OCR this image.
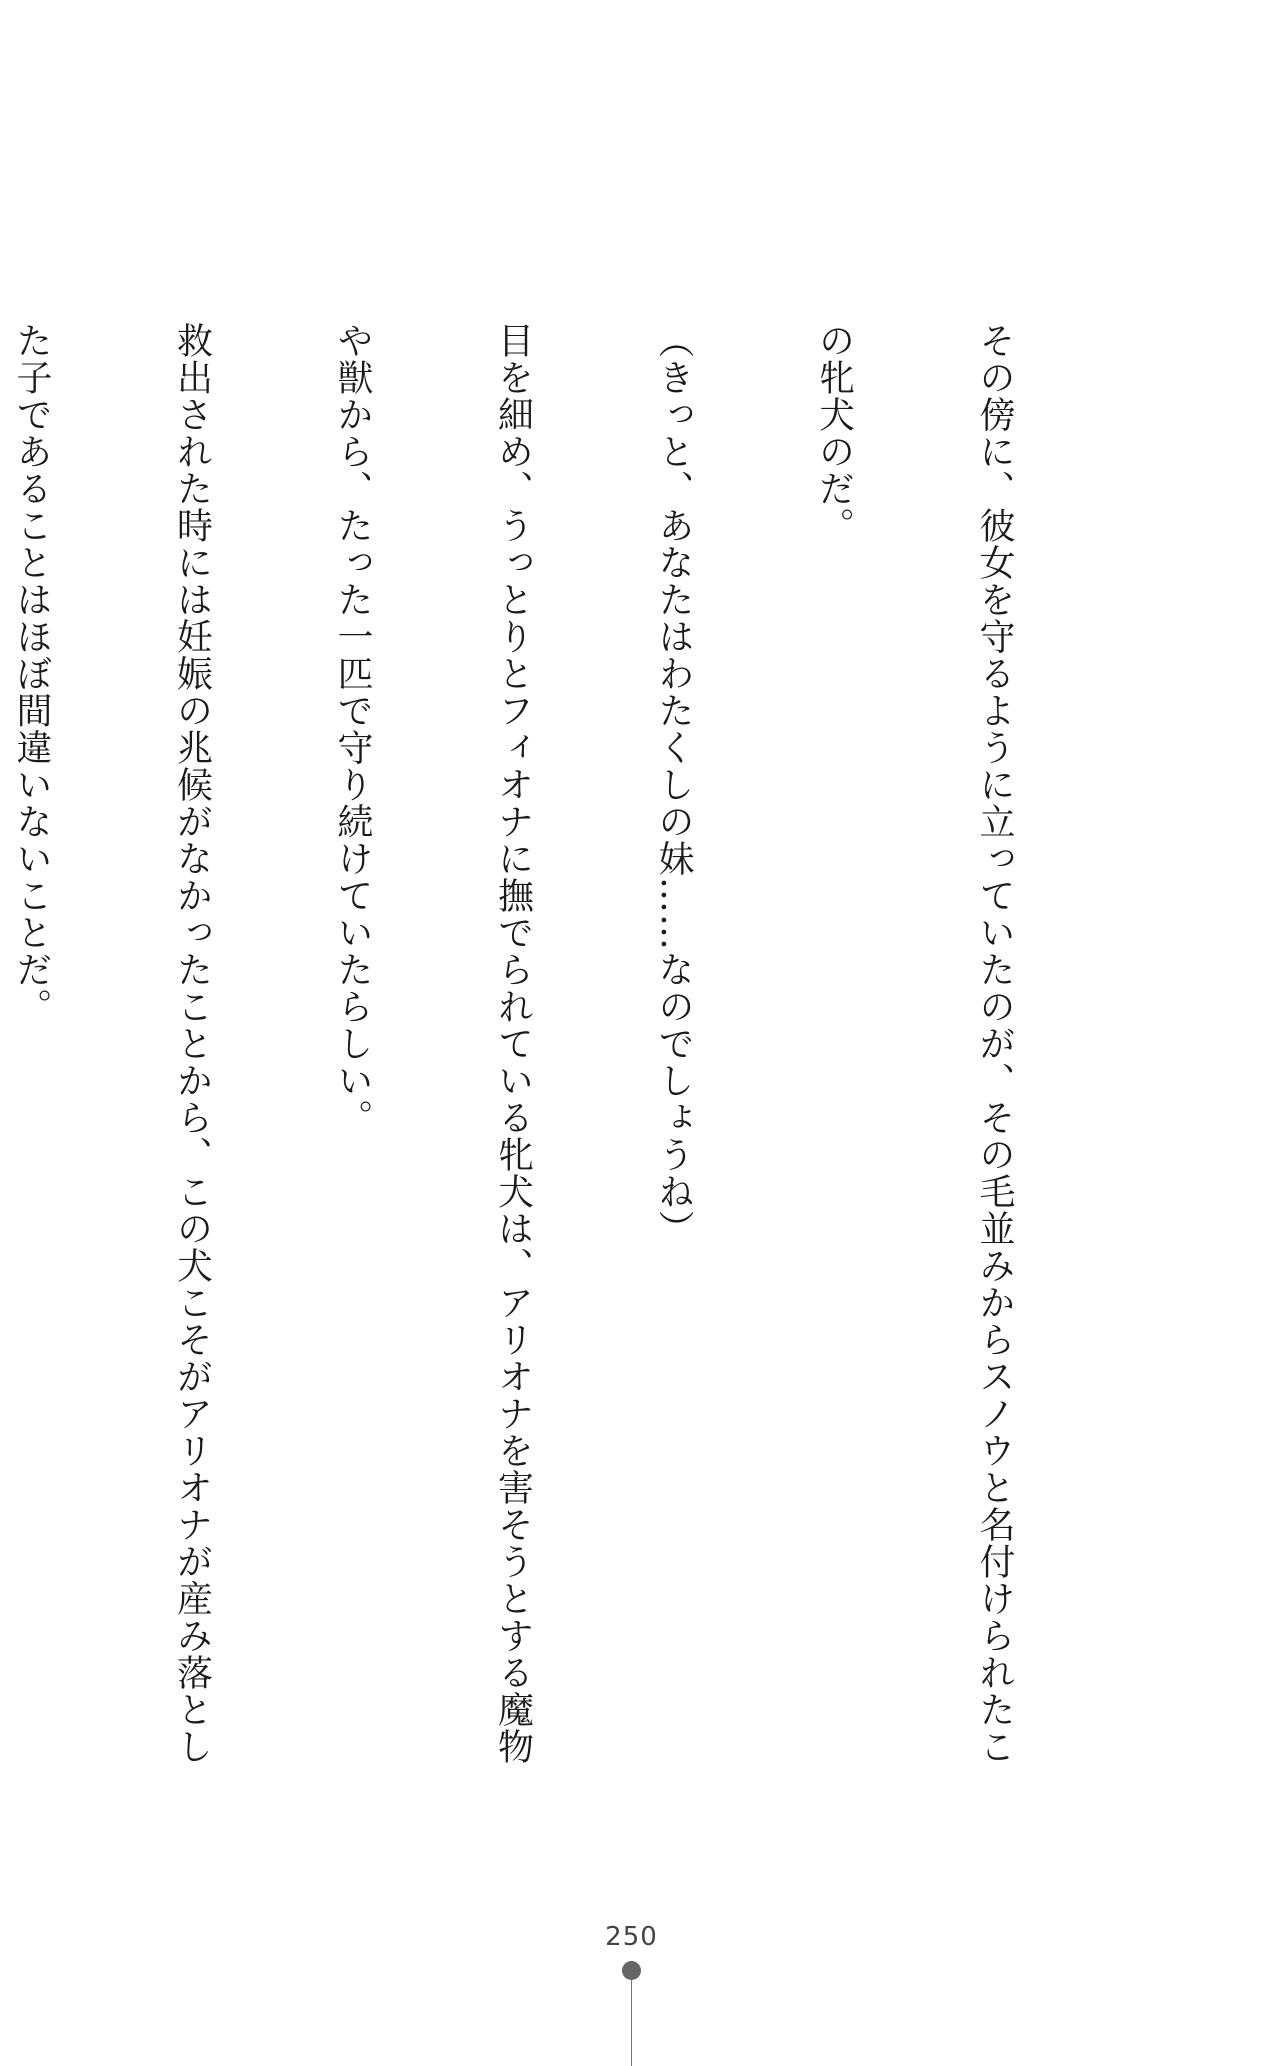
その傍に、彼女を守るように立っていたのが、その毛並みからスノウと名付けられたこ

の牝犬のだ。

（きっと、あなたはわたくしの妹……なのでしょうね）

目を細め、うっとりとフィオナに撫でられている牝犬は、アリオナを害そうとする魔物

や獣から、たった一匹で守り続けていたらしい。

救出された時には妊娠の兆候がなかったことから、この犬こそがアリオナが産み落とし

た子であることはほぼ間違いないことだ。

250
